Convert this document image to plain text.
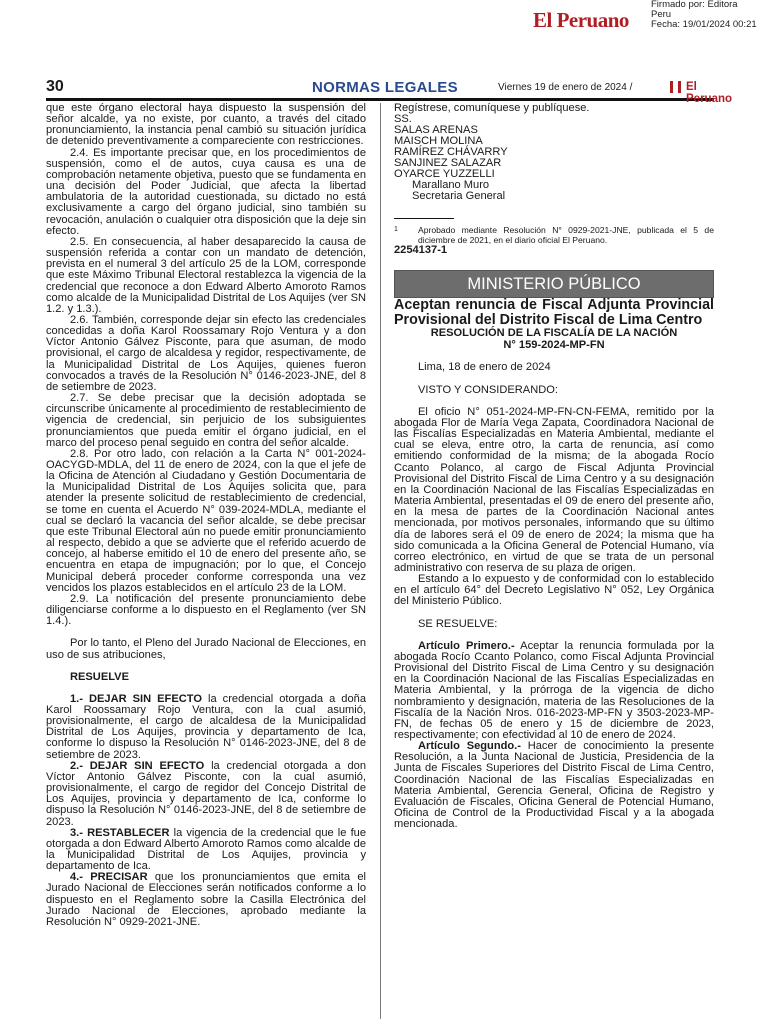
El Peruano
Firmado por: Editora
Peru
Fecha: 19/01/2024 00:21
30	NORMAS LEGALES	Viernes 19 de enero de 2024 /	El Peruano

que este órgano electoral haya dispuesto la suspensión del señor alcalde, ya no existe, por cuanto, a través del citado pronunciamiento, la instancia penal cambió su situación jurídica de detenido preventivamente a compareciente con restricciones.

2.4. Es importante precisar que, en los procedimientos de suspensión, como el de autos, cuya causa es una de comprobación netamente objetiva, puesto que se fundamenta en una decisión del Poder Judicial, que afecta la libertad ambulatoria de la autoridad cuestionada, su dictado no está exclusivamente a cargo del órgano judicial, sino también su revocación, anulación o cualquier otra disposición que la deje sin efecto.

2.5. En consecuencia, al haber desaparecido la causa de suspensión referida a contar con un mandato de detención, prevista en el numeral 3 del artículo 25 de la LOM, corresponde que este Máximo Tribunal Electoral restablezca la vigencia de la credencial que reconoce a don Edward Alberto Amoroto Ramos como alcalde de la Municipalidad Distrital de Los Aquijes (ver SN 1.2. y 1.3.).

2.6. También, corresponde dejar sin efecto las credenciales concedidas a doña Karol Roossamary Rojo Ventura y a don Víctor Antonio Gálvez Pisconte, para que asuman, de modo provisional, el cargo de alcaldesa y regidor, respectivamente, de la Municipalidad Distrital de Los Aquijes, quienes fueron convocados a través de la Resolución N° 0146-2023-JNE, del 8 de setiembre de 2023.

2.7. Se debe precisar que la decisión adoptada se circunscribe únicamente al procedimiento de restablecimiento de vigencia de credencial, sin perjuicio de los subsiguientes pronunciamientos que pueda emitir el órgano judicial, en el marco del proceso penal seguido en contra del señor alcalde.

2.8. Por otro lado, con relación a la Carta N° 001-2024-OACYGD-MDLA, del 11 de enero de 2024, con la que el jefe de la Oficina de Atención al Ciudadano y Gestión Documentaria de la Municipalidad Distrital de Los Aquijes solicita que, para atender la presente solicitud de restablecimiento de credencial, se tome en cuenta el Acuerdo N° 039-2024-MDLA, mediante el cual se declaró la vacancia del señor alcalde, se debe precisar que este Tribunal Electoral aún no puede emitir pronunciamiento al respecto, debido a que se advierte que el referido acuerdo de concejo, al haberse emitido el 10 de enero del presente año, se encuentra en etapa de impugnación; por lo que, el Concejo Municipal deberá proceder conforme corresponda una vez vencidos los plazos establecidos en el artículo 23 de la LOM.

2.9. La notificación del presente pronunciamiento debe diligenciarse conforme a lo dispuesto en el Reglamento (ver SN 1.4.).

Por lo tanto, el Pleno del Jurado Nacional de Elecciones, en uso de sus atribuciones,

RESUELVE

1.- DEJAR SIN EFECTO la credencial otorgada a doña Karol Roossamary Rojo Ventura, con la cual asumió, provisionalmente, el cargo de alcaldesa de la Municipalidad Distrital de Los Aquijes, provincia y departamento de Ica, conforme lo dispuso la Resolución N° 0146-2023-JNE, del 8 de setiembre de 2023.

2.- DEJAR SIN EFECTO la credencial otorgada a don Víctor Antonio Gálvez Pisconte, con la cual asumió, provisionalmente, el cargo de regidor del Concejo Distrital de Los Aquijes, provincia y departamento de Ica, conforme lo dispuso la Resolución N° 0146-2023-JNE, del 8 de setiembre de 2023.

3.- RESTABLECER la vigencia de la credencial que le fue otorgada a don Edward Alberto Amoroto Ramos como alcalde de la Municipalidad Distrital de Los Aquijes, provincia y departamento de Ica.

4.- PRECISAR que los pronunciamientos que emita el Jurado Nacional de Elecciones serán notificados conforme a lo dispuesto en el Reglamento sobre la Casilla Electrónica del Jurado Nacional de Elecciones, aprobado mediante la Resolución N° 0929-2021-JNE.

Regístrese, comuníquese y publíquese.

SS.

SALAS ARENAS

MAISCH MOLINA

RAMÍREZ CHÁVARRY

SANJINEZ SALAZAR

OYARCE YUZZELLI

Marallano Muro

Secretaria General

1	Aprobado mediante Resolución N° 0929-2021-JNE, publicada el 5 de diciembre de 2021, en el diario oficial El Peruano.

2254137-1

MINISTERIO PÚBLICO

Aceptan renuncia de Fiscal Adjunta Provincial Provisional del Distrito Fiscal de Lima Centro

RESOLUCIÓN DE LA FISCALÍA DE LA NACIÓN

N° 159-2024-MP-FN

Lima, 18 de enero de 2024

VISTO Y CONSIDERANDO:

El oficio N° 051-2024-MP-FN-CN-FEMA, remitido por la abogada Flor de María Vega Zapata, Coordinadora Nacional de las Fiscalías Especializadas en Materia Ambiental, mediante el cual se eleva, entre otro, la carta de renuncia, así como emitiendo conformidad de la misma; de la abogada Rocío Ccanto Polanco, al cargo de Fiscal Adjunta Provincial Provisional del Distrito Fiscal de Lima Centro y a su designación en la Coordinación Nacional de las Fiscalías Especializadas en Materia Ambiental, presentadas el 09 de enero del presente año, en la mesa de partes de la Coordinación Nacional antes mencionada, por motivos personales, informando que su último día de labores será el 09 de enero de 2024; la misma que ha sido comunicada a la Oficina General de Potencial Humano, vía correo electrónico, en virtud de que se trata de un personal administrativo con reserva de su plaza de origen.

Estando a lo expuesto y de conformidad con lo establecido en el artículo 64° del Decreto Legislativo N° 052, Ley Orgánica del Ministerio Público.

SE RESUELVE:

Artículo Primero.- Aceptar la renuncia formulada por la abogada Rocío Ccanto Polanco, como Fiscal Adjunta Provincial Provisional del Distrito Fiscal de Lima Centro y su designación en la Coordinación Nacional de las Fiscalías Especializadas en Materia Ambiental, y la prórroga de la vigencia de dicho nombramiento y designación, materia de las Resoluciones de la Fiscalía de la Nación Nros. 016-2023-MP-FN y 3503-2023-MP-FN, de fechas 05 de enero y 15 de diciembre de 2023, respectivamente; con efectividad al 10 de enero de 2024.

Artículo Segundo.- Hacer de conocimiento la presente Resolución, a la Junta Nacional de Justicia, Presidencia de la Junta de Fiscales Superiores del Distrito Fiscal de Lima Centro, Coordinación Nacional de las Fiscalías Especializadas en Materia Ambiental, Gerencia General, Oficina de Registro y Evaluación de Fiscales, Oficina General de Potencial Humano, Oficina de Control de la Productividad Fiscal y a la abogada mencionada.
